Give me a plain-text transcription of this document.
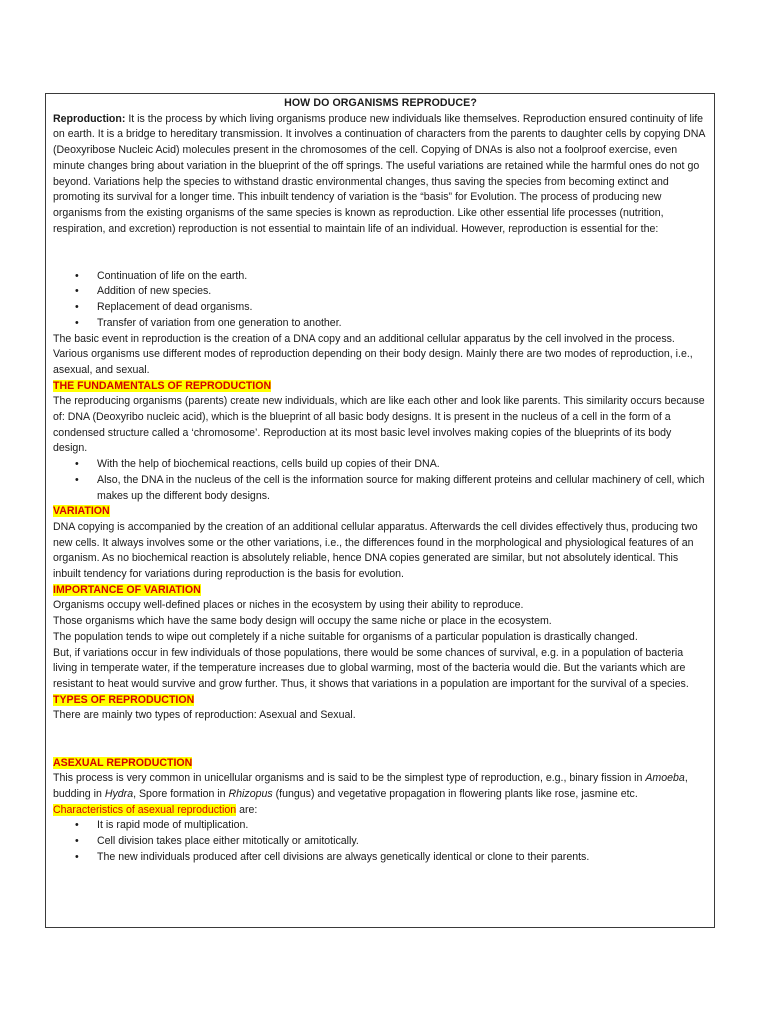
HOW DO ORGANISMS REPRODUCE?

Reproduction: It is the process by which living organisms produce new individuals like themselves. Reproduction ensured continuity of life on earth. It is a bridge to hereditary transmission. It involves a continuation of characters from the parents to daughter cells by copying DNA (Deoxyribose Nucleic Acid) molecules present in the chromosomes of the cell. Copying of DNAs is also not a foolproof exercise, even minute changes bring about variation in the blueprint of the off springs. The useful variations are retained while the harmful ones do not go beyond. Variations help the species to withstand drastic environmental changes, thus saving the species from becoming extinct and promoting its survival for a longer time. This inbuilt tendency of variation is the “basis” for Evolution. The process of producing new organisms from the existing organisms of the same species is known as reproduction. Like other essential life processes (nutrition, respiration, and excretion) reproduction is not essential to maintain life of an individual. However, reproduction is essential for the:

• Continuation of life on the earth.
• Addition of new species.
• Replacement of dead organisms.
• Transfer of variation from one generation to another.

The basic event in reproduction is the creation of a DNA copy and an additional cellular apparatus by the cell involved in the process.

Various organisms use different modes of reproduction depending on their body design. Mainly there are two modes of reproduction, i.e., asexual, and sexual.

THE FUNDAMENTALS OF REPRODUCTION

The reproducing organisms (parents) create new individuals, which are like each other and look like parents. This similarity occurs because of: DNA (Deoxyribo nucleic acid), which is the blueprint of all basic body designs. It is present in the nucleus of a cell in the form of a condensed structure called a ‘chromosome’. Reproduction at its most basic level involves making copies of the blueprints of its body design.

• With the help of biochemical reactions, cells build up copies of their DNA.
• Also, the DNA in the nucleus of the cell is the information source for making different proteins and cellular machinery of cell, which makes up the different body designs.

VARIATION

DNA copying is accompanied by the creation of an additional cellular apparatus. Afterwards the cell divides effectively thus, producing two new cells. It always involves some or the other variations, i.e., the differences found in the morphological and physiological features of an organism. As no biochemical reaction is absolutely reliable, hence DNA copies generated are similar, but not absolutely identical. This inbuilt tendency for variations during reproduction is the basis for evolution.

IMPORTANCE OF VARIATION

Organisms occupy well-defined places or niches in the ecosystem by using their ability to reproduce.

Those organisms which have the same body design will occupy the same niche or place in the ecosystem.

The population tends to wipe out completely if a niche suitable for organisms of a particular population is drastically changed.

But, if variations occur in few individuals of those populations, there would be some chances of survival, e.g. in a population of bacteria living in temperate water, if the temperature increases due to global warming, most of the bacteria would die. But the variants which are resistant to heat would survive and grow further. Thus, it shows that variations in a population are important for the survival of a species.

TYPES OF REPRODUCTION

There are mainly two types of reproduction: Asexual and Sexual.

ASEXUAL REPRODUCTION

This process is very common in unicellular organisms and is said to be the simplest type of reproduction, e.g., binary fission in Amoeba, budding in Hydra, Spore formation in Rhizopus (fungus) and vegetative propagation in flowering plants like rose, jasmine etc.

Characteristics of asexual reproduction are:

• It is rapid mode of multiplication.
• Cell division takes place either mitotically or amitotically.
• The new individuals produced after cell divisions are always genetically identical or clone to their parents.
